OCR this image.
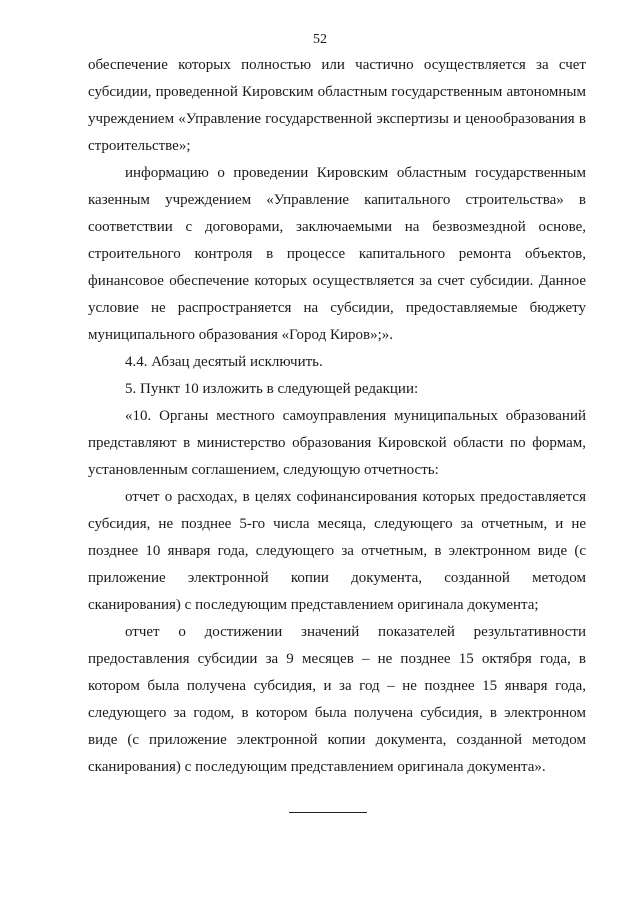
52

обеспечение которых полностью или частично осуществляется за счет субсидии, проведенной Кировским областным государственным автономным учреждением «Управление государственной экспертизы и ценообразования в строительстве»;

информацию о проведении Кировским областным государственным казенным учреждением «Управление капитального строительства» в соответствии с договорами, заключаемыми на безвозмездной основе, строительного контроля в процессе капитального ремонта объектов, финансовое обеспечение которых осуществляется за счет субсидии. Данное условие не распространяется на субсидии, предоставляемые бюджету муниципального образования «Город Киров»;».

4.4. Абзац десятый исключить.

5. Пункт 10 изложить в следующей редакции:

«10. Органы местного самоуправления муниципальных образований представляют в министерство образования Кировской области по формам, установленным соглашением, следующую отчетность:

отчет о расходах, в целях софинансирования которых предоставляется субсидия, не позднее 5-го числа месяца, следующего за отчетным, и не позднее 10 января года, следующего за отчетным, в электронном виде (с приложение электронной копии документа, созданной методом сканирования) с последующим представлением оригинала документа;

отчет о достижении значений показателей результативности предоставления субсидии за 9 месяцев – не позднее 15 октября года, в котором была получена субсидия, и за год – не позднее 15 января года, следующего за годом, в котором была получена субсидия, в электронном виде (с приложение электронной копии документа, созданной методом сканирования) с последующим представлением оригинала документа».
